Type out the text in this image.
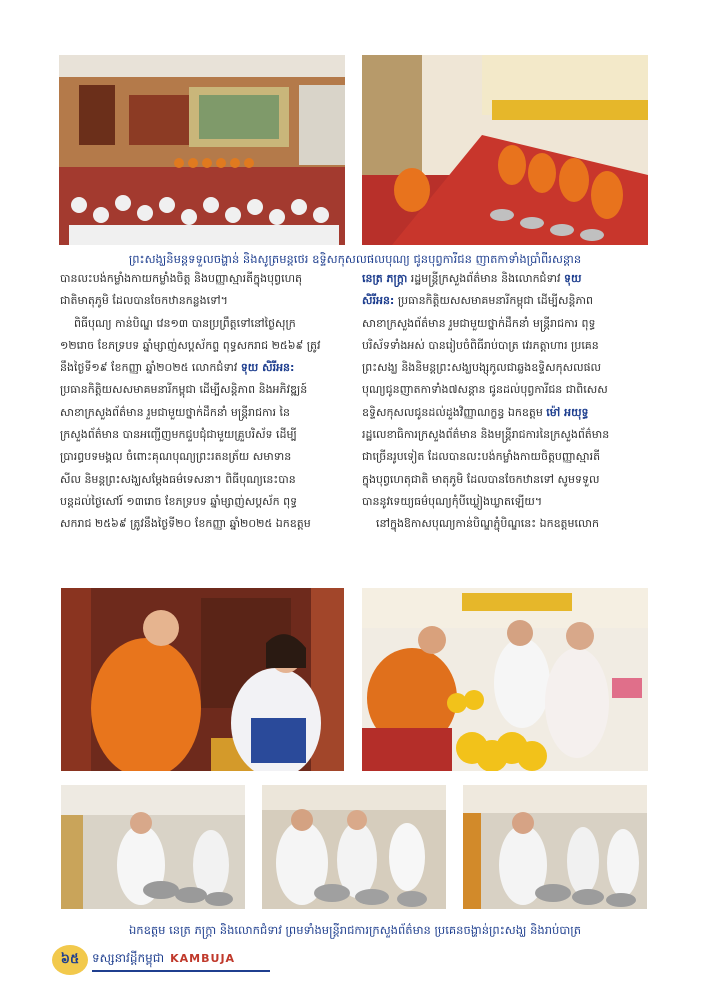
ព្រះសង្ឃនិមន្តទទួលចង្ហាន់ និងសូត្រមន្តថេរ ឧទ្ទិសកុសលផលបុណ្យ ជូនបុព្វការីជន ញាតកាទាំងប្រាំពីរសន្តាន

បានលះបង់កម្លាំងកាយកម្លាំងចិត្ត និងបញ្ញាស្មារតីក្នុងបុព្វហេតុ

ជាតិមាតុភូមិ ដែលបានចែកឋានកន្លងទៅ។

ពិធីបុណ្យ កាន់បិណ្ឌ វេន១៣ បានប្រព្រឹត្តទៅនៅថ្ងៃសុក្រ

១២រោច ខែភទ្របទ ឆ្នាំម្សាញ់សប្តស័កព្ទ ពុទ្ធសករាជ ២៥៦៩ ត្រូវ

នឹងថ្ងៃទី១៩ ខែកញ្ញា ឆ្នាំ២០២៥ លោកជំទាវ ទុយ សិរីអន:

ប្រធានកិត្តិយសសមាគមនារីកម្ពុជា ដើម្បីសន្តិភាព និងអភិវឌ្ឍន៍

សាខាក្រសួងព័ត៌មាន រួមជាមួយថ្នាក់ដឹកនាំ មន្ត្រីរាជការ នៃ

ក្រសួងព័ត៌មាន បានអញ្ជើញមកជួបជុំជាមួយគ្រួបរិស័ទ ដើម្បី

ប្រារព្ធបទមង្គល ចំពោះគុណបុណ្យព្រះរតនត្រ័យ សមាទាន

សីល និមន្តព្រះសង្ឃសម្តែងធម៌ទេសនា។ ពិធីបុណ្យនេះបាន

បន្តដល់ថ្ងៃសៅរ៍ ១៣រោច ខែភទ្របទ ឆ្នាំម្សាញ់សប្តស័ក ពុទ្ធ

សករាជ ២៥៦៩ ត្រូវនឹងថ្ងៃទី២០ ខែកញ្ញា ឆ្នាំ២០២៥ ឯកឧត្តម

នេត្រ ភក្ត្រា រដ្ឋមន្ត្រីក្រសួងព័ត៌មាន និងលោកជំទាវ ទុយ

សិរីអន: ប្រធានកិត្តិយសសមាគមនារីកម្ពុជា ដើម្បីសន្តិភាព

សាខាក្រសួងព័ត៌មាន រួមជាមួយថ្នាក់ដឹកនាំ មន្ត្រីរាជការ ពុទ្ធ

បរិស័ទទាំងអស់ បានរៀបចំពិធីរាប់បាត្រ វេរភត្តាហារ ប្រគេន

ព្រះសង្ឃ និងនិមន្តព្រះសង្ឃបង្សុកូលជាឆ្លងឧទ្ទិសកុសលផល

បុណ្យជូនញាតកាទាំង៧សន្តាន ជូនដល់បុព្វការីជន ជាពិសេស

ឧទ្ទិសកុសលជូនដល់ដួងវិញ្ញាណក្ខន្ធ ឯកឧត្តម ម៉ៅ អយុទ្ធ

រដ្ឋលេខាធិការក្រសួងព័ត៌មាន និងមន្ត្រីរាជការនៃក្រសួងព័ត៌មាន

ជាច្រើនរូបទៀត ដែលបានលះបង់កម្លាំងកាយចិត្តបញ្ញាស្មារតី

ក្នុងបុព្វហេតុជាតិ មាតុភូមិ ដែលបានចែកឋានទៅ សូមទទួល

បាននូវទេយ្យធម៌បុណ្យកុំបីឃ្លៀងឃ្លាតឡើយ។

នៅក្នុងឱកាសបុណ្យកាន់បិណ្ឌភ្ជុំបិណ្ឌនេះ ឯកឧត្តមលោក

ឯកឧត្តម នេត្រ ភក្ត្រា និងលោកជំទាវ ព្រមទាំងមន្ត្រីរាជការក្រសួងព័ត៌មាន ប្រគេនចង្ហាន់ព្រះសង្ឃ និងរាប់បាត្រ
៦៥	ទស្សនាវដ្តីកម្ពុជា KAMBUJA
